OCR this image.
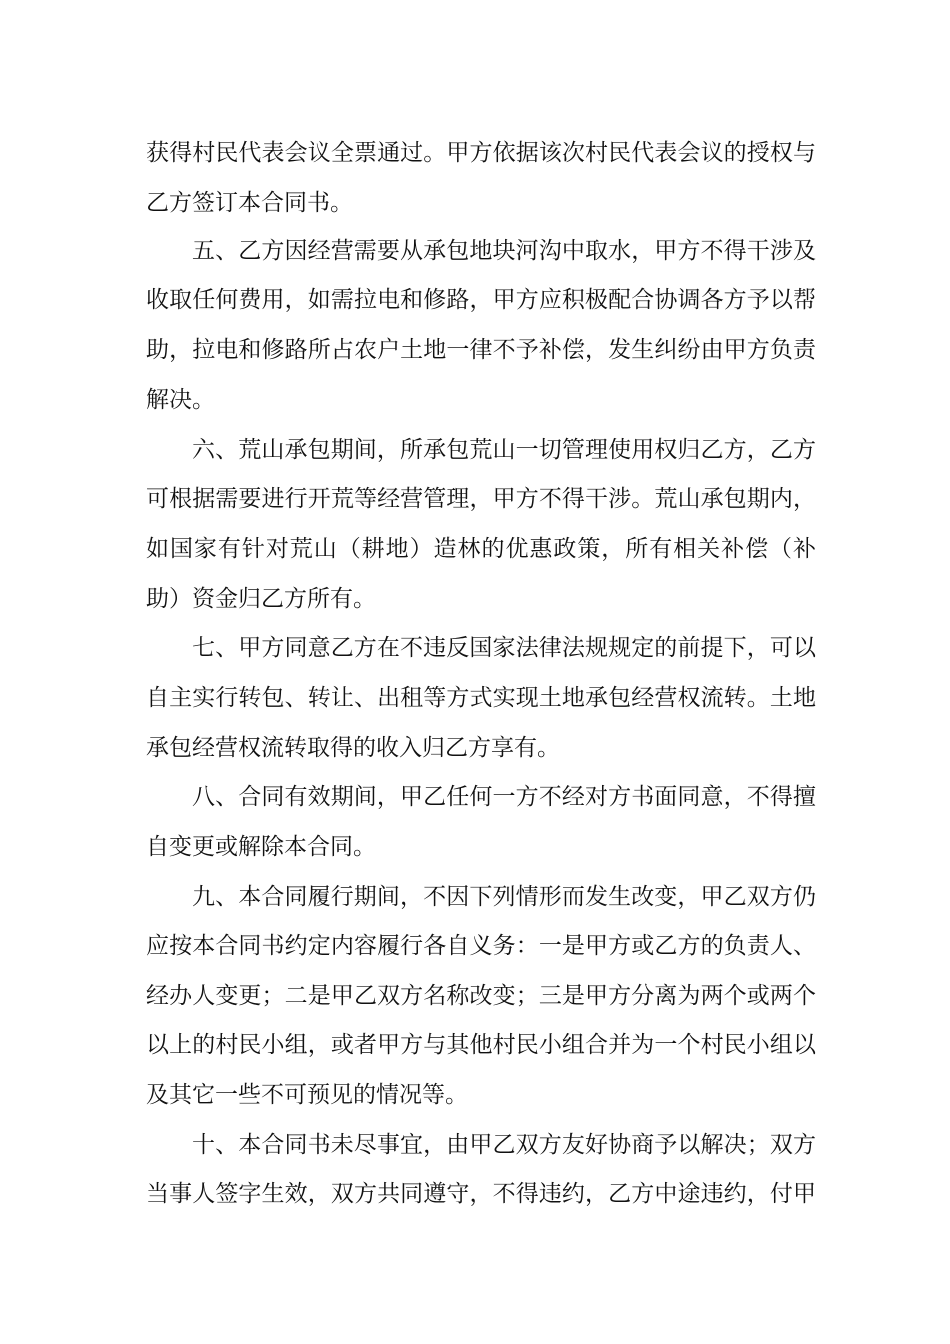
获得村民代表会议全票通过。甲方依据该次村民代表会议的授权与
乙方签订本合同书。
五、乙方因经营需要从承包地块河沟中取水，甲方不得干涉及
收取任何费用，如需拉电和修路，甲方应积极配合协调各方予以帮
助，拉电和修路所占农户土地一律不予补偿，发生纠纷由甲方负责
解决。
六、荒山承包期间，所承包荒山一切管理使用权归乙方，乙方
可根据需要进行开荒等经营管理，甲方不得干涉。荒山承包期内，
如国家有针对荒山（耕地）造林的优惠政策，所有相关补偿（补
助）资金归乙方所有。
七、甲方同意乙方在不违反国家法律法规规定的前提下，可以
自主实行转包、转让、出租等方式实现土地承包经营权流转。土地
承包经营权流转取得的收入归乙方享有。
八、合同有效期间，甲乙任何一方不经对方书面同意，不得擅
自变更或解除本合同。
九、本合同履行期间，不因下列情形而发生改变，甲乙双方仍
应按本合同书约定内容履行各自义务：一是甲方或乙方的负责人、
经办人变更；二是甲乙双方名称改变；三是甲方分离为两个或两个
以上的村民小组，或者甲方与其他村民小组合并为一个村民小组以
及其它一些不可预见的情况等。
十、本合同书未尽事宜，由甲乙双方友好协商予以解决；双方
当事人签字生效，双方共同遵守，不得违约，乙方中途违约，付甲
